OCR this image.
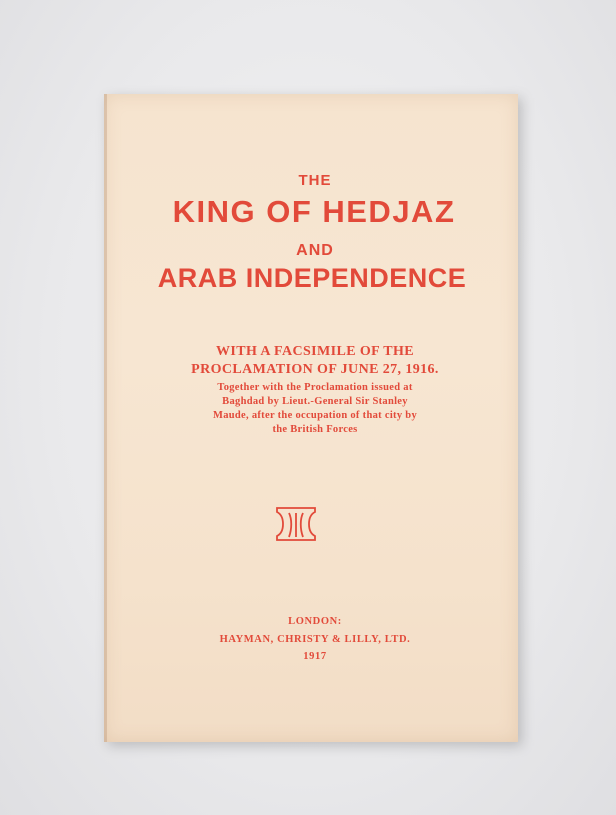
THE

KING OF HEDJAZ

AND

ARAB INDEPENDENCE

WITH A FACSIMILE OF THE

PROCLAMATION OF JUNE 27, 1916.

Together with the Proclamation issued at

Baghdad by Lieut.-General Sir Stanley

Maude, after the occupation of that city by

the British Forces

LONDON:

HAYMAN, CHRISTY & LILLY, LTD.

1917
